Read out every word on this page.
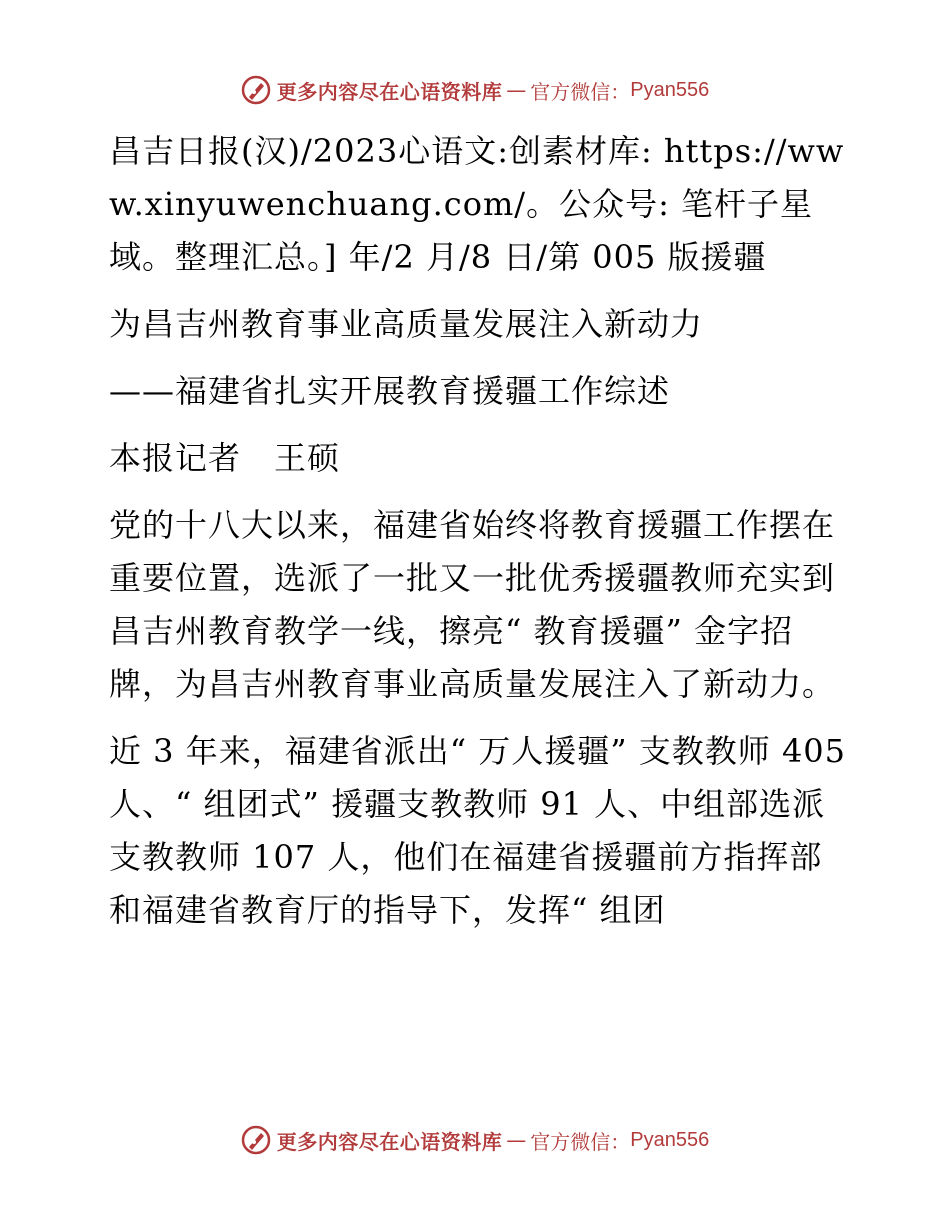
更多内容尽在心语资料库 — 官方微信： Pyan556

昌吉日报(汉)/2023心语文:创素材库: https://www.xinyuwenchuang.com/。公众号: 笔杆子星域。整理汇总。] 年/2 月/8 日/第 005 版援疆

为昌吉州教育事业高质量发展注入新动力

——福建省扎实开展教育援疆工作综述

本报记者　王硕

党的十八大以来，福建省始终将教育援疆工作摆在重要位置，选派了一批又一批优秀援疆教师充实到昌吉州教育教学一线，擦亮“ 教育援疆” 金字招牌，为昌吉州教育事业高质量发展注入了新动力。

近 3 年来，福建省派出“ 万人援疆” 支教教师 405 人、“ 组团式” 援疆支教教师 91 人、中组部选派支教教师 107 人，他们在福建省援疆前方指挥部和福建省教育厅的指导下，发挥“ 组团

更多内容尽在心语资料库 — 官方微信： Pyan556
